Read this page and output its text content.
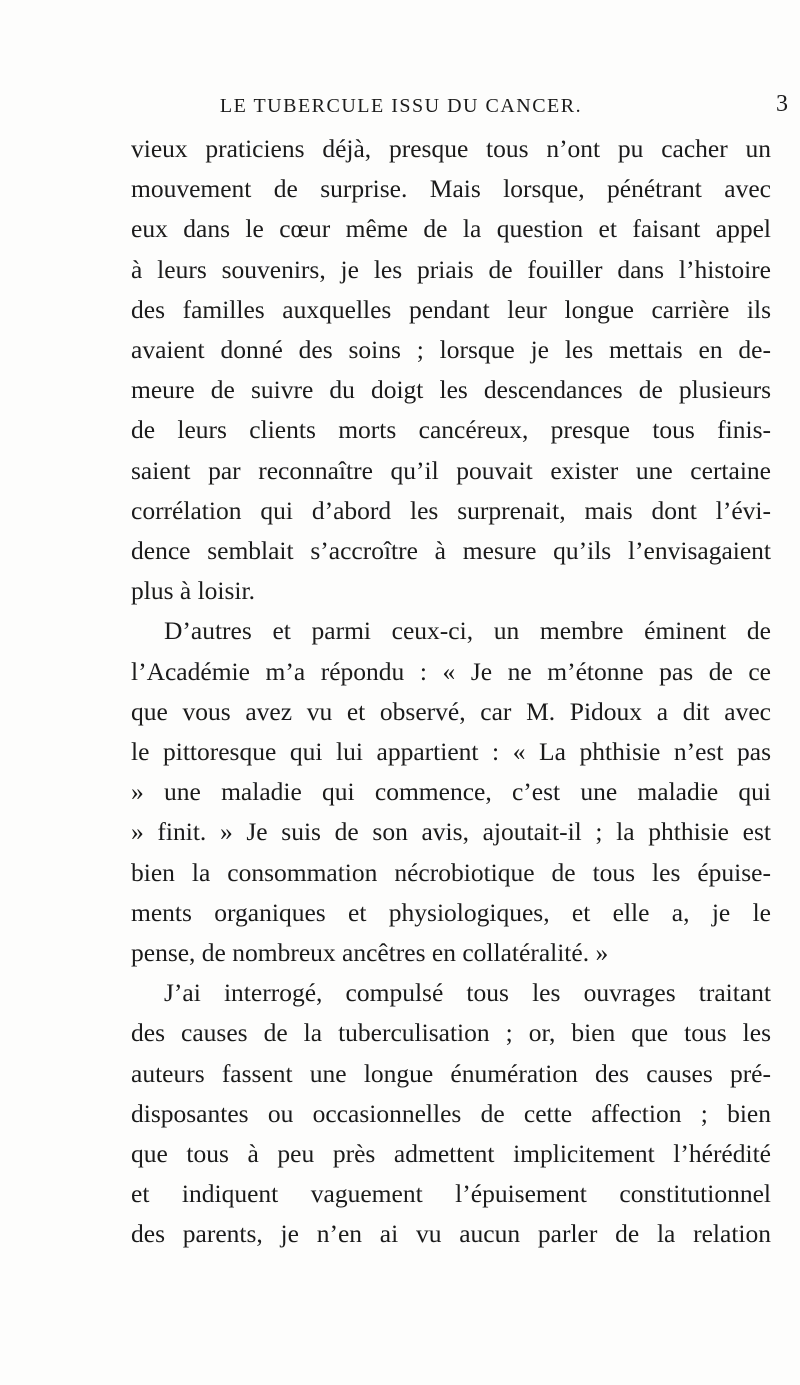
LE TUBERCULE ISSU DU CANCER.	3
vieux praticiens déjà, presque tous n’ont pu cacher un
mouvement de surprise. Mais lorsque, pénétrant avec
eux dans le cœur même de la question et faisant appel
à leurs souvenirs, je les priais de fouiller dans l’histoire
des familles auxquelles pendant leur longue carrière ils
avaient donné des soins ; lorsque je les mettais en de-
meure de suivre du doigt les descendances de plusieurs
de leurs clients morts cancéreux, presque tous finis-
saient par reconnaître qu’il pouvait exister une certaine
corrélation qui d’abord les surprenait, mais dont l’évi-
dence semblait s’accroître à mesure qu’ils l’envisagaient
plus à loisir.
D’autres et parmi ceux-ci, un membre éminent de
l’Académie m’a répondu : « Je ne m’étonne pas de ce
que vous avez vu et observé, car M. Pidoux a dit avec
le pittoresque qui lui appartient : « La phthisie n’est pas
» une maladie qui commence, c’est une maladie qui
» finit. » Je suis de son avis, ajoutait-il ; la phthisie est
bien la consommation nécrobiotique de tous les épuise-
ments organiques et physiologiques, et elle a, je le
pense, de nombreux ancêtres en collatéralité. »
J’ai interrogé, compulsé tous les ouvrages traitant
des causes de la tuberculisation ; or, bien que tous les
auteurs fassent une longue énumération des causes pré-
disposantes ou occasionnelles de cette affection ; bien
que tous à peu près admettent implicitement l’hérédité
et indiquent vaguement l’épuisement constitutionnel
des parents, je n’en ai vu aucun parler de la relation
